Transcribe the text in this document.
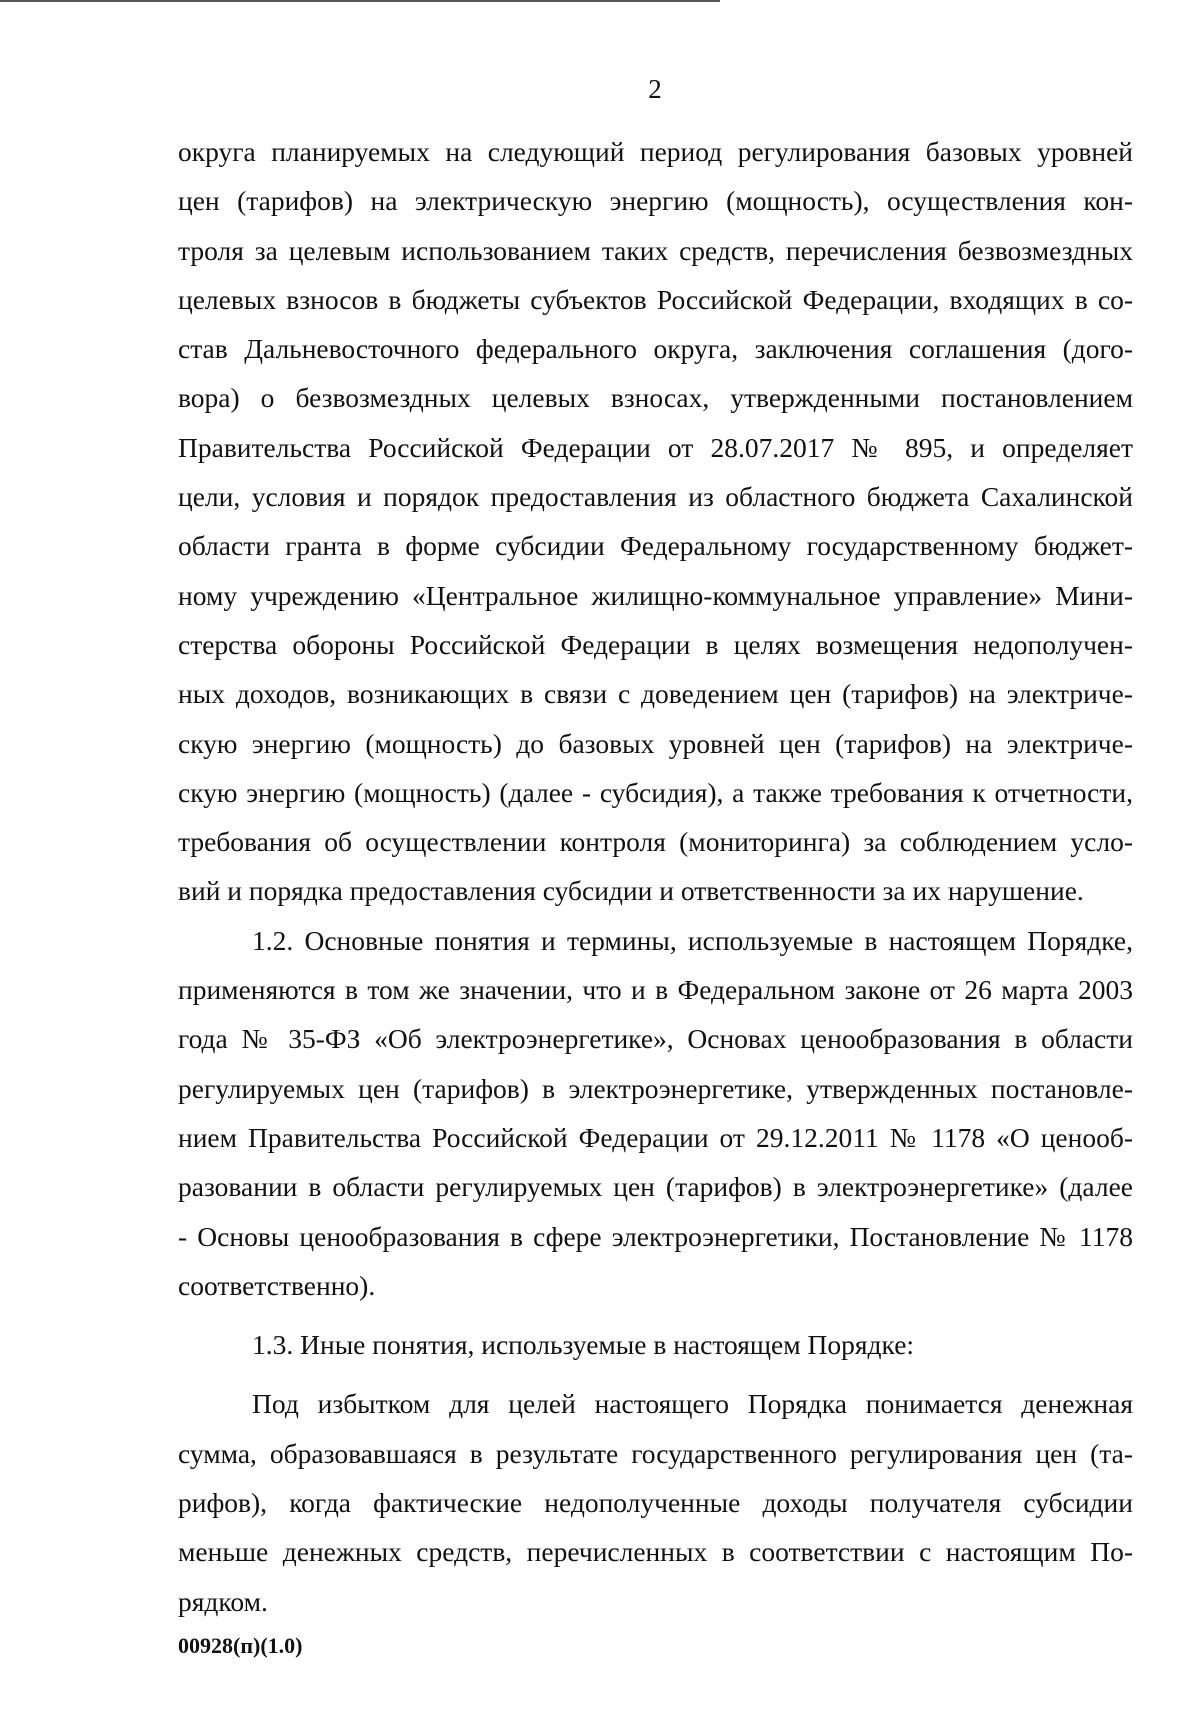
2
округа планируемых на следующий период регулирования базовых уровней
цен (тарифов) на электрическую энергию (мощность), осуществления кон-
троля за целевым использованием таких средств, перечисления безвозмездных
целевых взносов в бюджеты субъектов Российской Федерации, входящих в со-
став Дальневосточного федерального округа, заключения соглашения (дого-
вора) о безвозмездных целевых взносах, утвержденными постановлением
Правительства Российской Федерации от 28.07.2017 № 895, и определяет
цели, условия и порядок предоставления из областного бюджета Сахалинской
области гранта в форме субсидии Федеральному государственному бюджет-
ному учреждению «Центральное жилищно-коммунальное управление» Мини-
стерства обороны Российской Федерации в целях возмещения недополучен-
ных доходов, возникающих в связи с доведением цен (тарифов) на электриче-
скую энергию (мощность) до базовых уровней цен (тарифов) на электриче-
скую энергию (мощность) (далее - субсидия), а также требования к отчетности,
требования об осуществлении контроля (мониторинга) за соблюдением усло-
вий и порядка предоставления субсидии и ответственности за их нарушение.
1.2. Основные понятия и термины, используемые в настоящем Порядке,
применяются в том же значении, что и в Федеральном законе от 26 марта 2003
года № 35-ФЗ «Об электроэнергетике», Основах ценообразования в области
регулируемых цен (тарифов) в электроэнергетике, утвержденных постановле-
нием Правительства Российской Федерации от 29.12.2011 № 1178 «О ценооб-
разовании в области регулируемых цен (тарифов) в электроэнергетике» (далее
- Основы ценообразования в сфере электроэнергетики, Постановление № 1178
соответственно).
1.3. Иные понятия, используемые в настоящем Порядке:
Под избытком для целей настоящего Порядка понимается денежная
сумма, образовавшаяся в результате государственного регулирования цен (та-
рифов), когда фактические недополученные доходы получателя субсидии
меньше денежных средств, перечисленных в соответствии с настоящим По-
рядком.
00928(п)(1.0)
